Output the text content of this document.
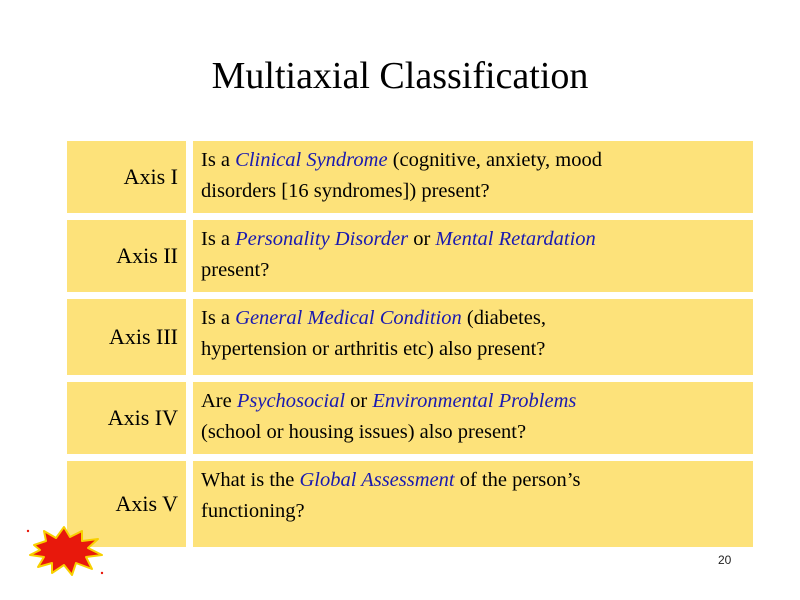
Multiaxial Classification
Axis I
Is a Clinical Syndrome (cognitive, anxiety, mood
disorders [16 syndromes]) present?
Axis II
Is a Personality Disorder or Mental Retardation
present?
Axis III
Is a General Medical Condition (diabetes,
hypertension or arthritis etc) also present?
Axis IV
Are Psychosocial or Environmental Problems
(school or housing issues) also present?
Axis V
What is the Global Assessment of the person’s
functioning?
20
